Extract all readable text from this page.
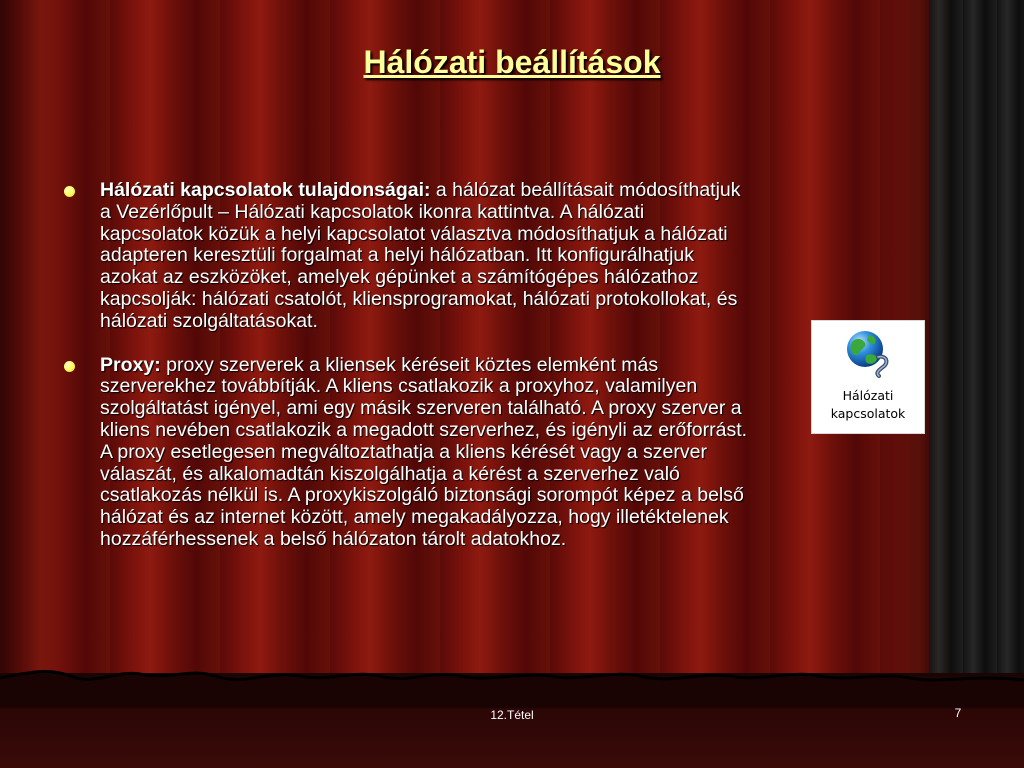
Hálózati beállítások
Hálózati kapcsolatok tulajdonságai: a hálózat beállításait módosíthatjuk a Vezérlőpult – Hálózati kapcsolatok ikonra kattintva. A hálózati kapcsolatok közük a helyi kapcsolatot választva módosíthatjuk a hálózati adapteren keresztüli forgalmat a helyi hálózatban. Itt konfigurálhatjuk azokat az eszközöket, amelyek gépünket a számítógépes hálózathoz kapcsolják: hálózati csatolót, kliensprogramokat, hálózati protokollokat, és hálózati szolgáltatásokat.
Proxy: proxy szerverek a kliensek kéréseit köztes elemként más szerverekhez továbbítják. A kliens csatlakozik a proxyhoz, valamilyen szolgáltatást igényel, ami egy másik szerveren található. A proxy szerver a kliens nevében csatlakozik a megadott szerverhez, és igényli az erőforrást. A proxy esetlegesen megváltoztathatja a kliens kérését vagy a szerver válaszát, és alkalomadtán kiszolgálhatja a kérést a szerverhez való csatlakozás nélkül is. A proxykiszolgáló biztonsági sorompót képez a belső hálózat és az internet között, amely megakadályozza, hogy illetéktelenek hozzáférhessenek a belső hálózaton tárolt adatokhoz.
Hálózati
kapcsolatok
12.Tétel	7
